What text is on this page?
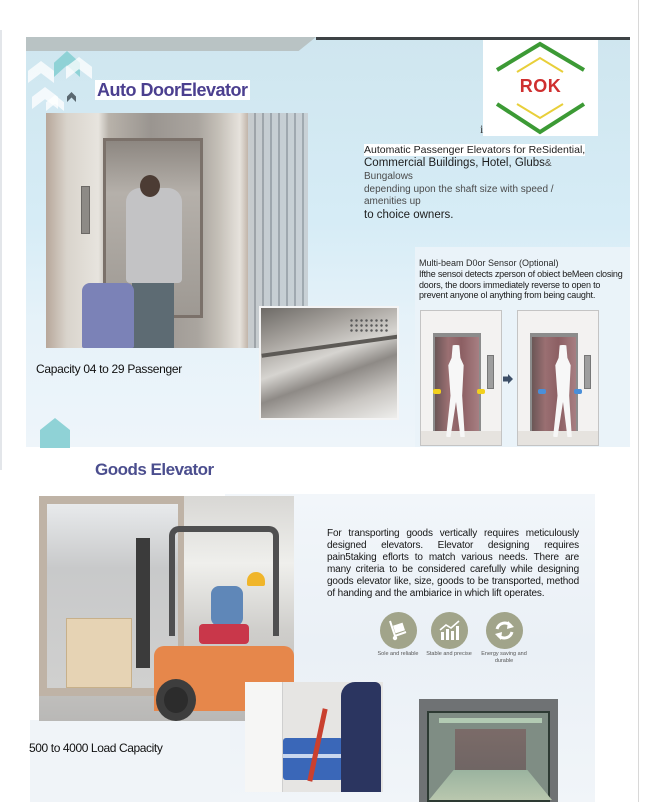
Auto DoorElevator	ROK
i
Automatic Passenger Elevators for ReSidential,
Commercial Buildings, Hotel, Glubs& Bungalows
depending upon the shaft size with speed / amenities up
to choice owners.
Capacity 04 to 29 Passenger
Multi-beam D0or Sensor (Optional)
Ifthe sensoi detects zperson of obiect beMeen closing doors, the doors immediately reverse to open to prevent anyone ol anything from being caught.
Goods Elevator
For transporting goods vertically requires meticulously designed elevators. Elevator designing requires pain5taking eflorts to match various needs. There are many criteria to be considered carefully while designing goods elevator like, size, goods to be transported, method of handing and the ambiarice in which lift operates.
Sole and reliable	Stable and precise	Energy saving and durable
500 to 4000 Load Capacity
